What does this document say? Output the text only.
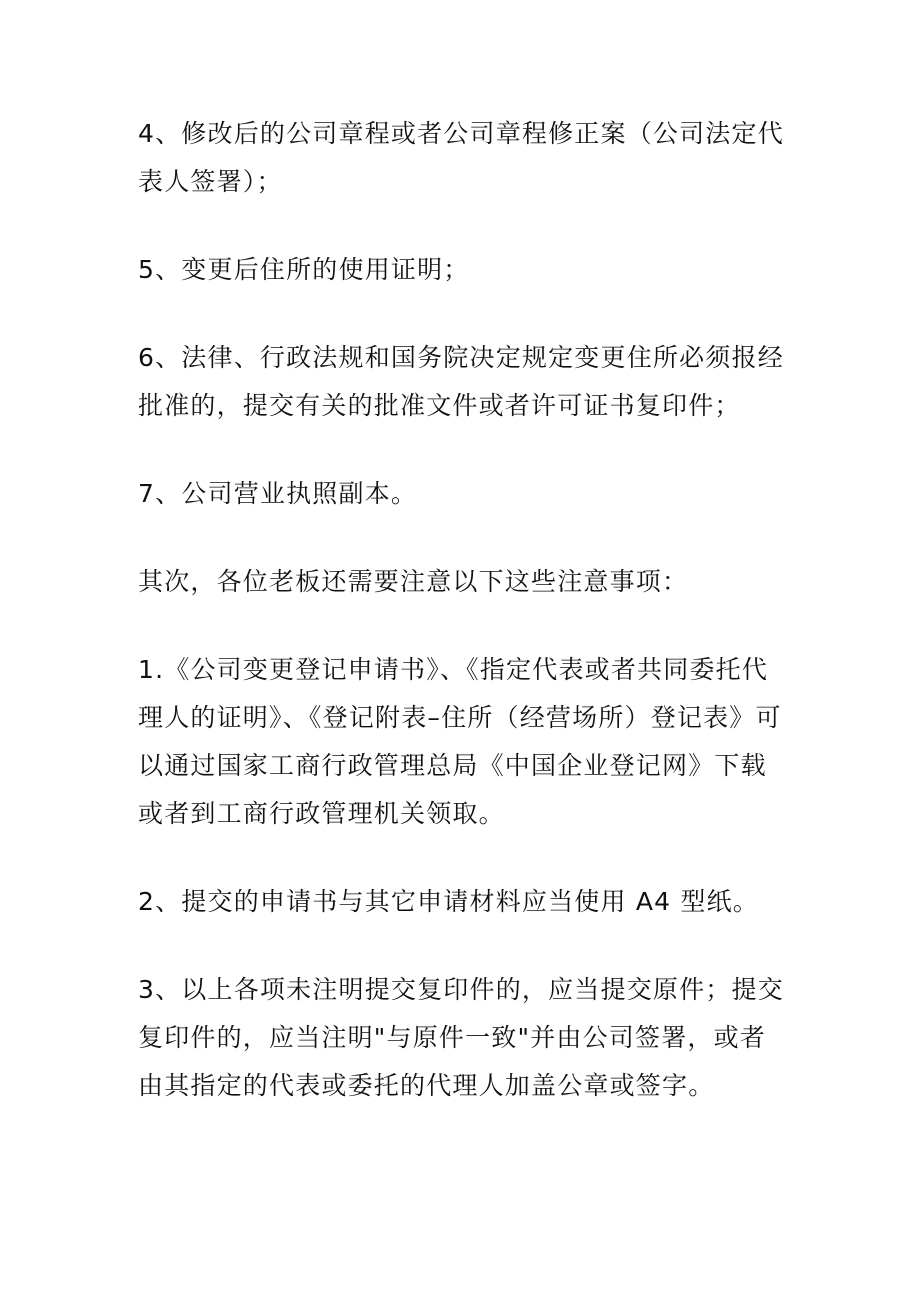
4、修改后的公司章程或者公司章程修正案（公司法定代表人签署）；

5、变更后住所的使用证明；

6、法律、行政法规和国务院决定规定变更住所必须报经批准的，提交有关的批准文件或者许可证书复印件；

7、公司营业执照副本。

其次，各位老板还需要注意以下这些注意事项：

1.《公司变更登记申请书》、《指定代表或者共同委托代理人的证明》、《登记附表–住所（经营场所）登记表》可以通过国家工商行政管理总局《中国企业登记网》下载或者到工商行政管理机关领取。

2、提交的申请书与其它申请材料应当使用 A4 型纸。

3、以上各项未注明提交复印件的，应当提交原件；提交复印件的，应当注明"与原件一致"并由公司签署，或者由其指定的代表或委托的代理人加盖公章或签字。
